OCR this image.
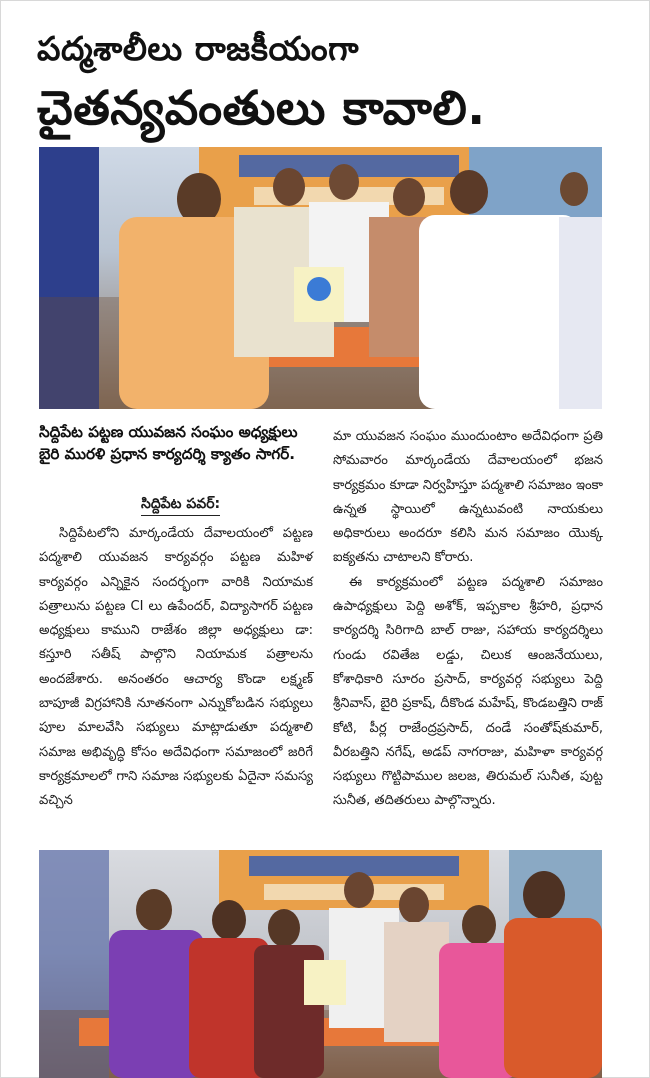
పద్మశాలీలు రాజకీయంగా
చైతన్యవంతులు కావాలి.
సిద్దిపేట పట్టణ యువజన సంఘం అధ్యక్షులు బైరి మురళి ప్రధాన కార్యదర్శి క్యాతం సాగర్.
సిద్దిపేట పవర్:
సిద్దిపేటలోని మార్కండేయ దేవాలయంలో పట్టణ పద్మశాలి యువజన కార్యవర్గం పట్టణ మహిళ కార్యవర్గం ఎన్నికైన సందర్భంగా వారికి నియామక పత్రాలును పట్టణ CI లు ఉపేందర్, విద్యాసాగర్ పట్టణ అధ్యక్షులు కాముని రాజేశం జిల్లా అధ్యక్షులు డా: కస్తూరి సతీష్ పాల్గొని నియామక పత్రాలను అందజేశారు. అనంతరం ఆచార్య కొండా లక్ష్మణ్ బాపూజీ విగ్రహానికి నూతనంగా ఎన్నుకోబడిన సభ్యులు పూల మాలవేసి సభ్యులు మాట్లాడుతూ పద్మశాలి సమాజ అభివృద్ధి కోసం అదేవిధంగా సమాజంలో జరిగే కార్యక్రమాలలో గాని సమాజ సభ్యులకు ఏదైనా సమస్య వచ్చిన

మా యువజన సంఘం ముందుంటాం అదేవిధంగా ప్రతి సోమవారం మార్కండేయ దేవాలయంలో భజన కార్యక్రమం కూడా నిర్వహిస్తూ పద్మశాలి సమాజం ఇంకా ఉన్నత స్థాయిలో ఉన్నటువంటి నాయకులు అధికారులు అందరూ కలిసి మన సమాజం యొక్క ఐక్యతను చాటాలని కోరారు.

ఈ కార్యక్రమంలో పట్టణ పద్మశాలి సమాజం ఉపాధ్యక్షులు పెద్ది అశోక్, ఇప్పకాల శ్రీహరి, ప్రధాన కార్యదర్శి సిరిగాది బాల్ రాజు, సహాయ కార్యదర్శిలు గుండు రవితేజ లడ్డు, చిలుక ఆంజనేయులు, కోశాధికారి సూరం ప్రసాద్, కార్యవర్గ సభ్యులు పెద్ది శ్రీనివాస్, బైరి ప్రకాష్, దీకొండ మహేష్, కొండబత్తిని రాజ్ కోటి, పీర్ల రాజేంద్రప్రసాద్, దండే సంతోష్‌కుమార్, వీరబత్తిని నగేష్, అడప్ నాగరాజు, మహిళా కార్యవర్గ సభ్యులు గొట్టిపాముల జలజ, తిరుమల్ సునీత, పుట్ట సునీత, తదితరులు పాల్గొన్నారు.
